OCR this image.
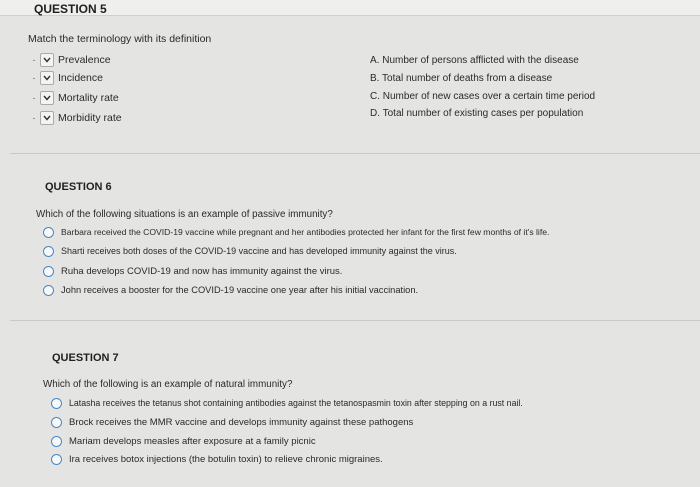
QUESTION 5
Match the terminology with its definition
- Prevalence
- Incidence
- Mortality rate
- Morbidity rate
A. Number of persons afflicted with the disease
B. Total number of deaths from a disease
C. Number of new cases over a certain time period
D. Total number of existing cases per population
QUESTION 6
Which of the following situations is an example of passive immunity?
Barbara received the COVID-19 vaccine while pregnant and her antibodies protected her infant for the first few months of it's life.
Sharti receives both doses of the COVID-19 vaccine and has developed immunity against the virus.
Ruha develops COVID-19 and now has immunity against the virus.
John receives a booster for the COVID-19 vaccine one year after his initial vaccination.
QUESTION 7
Which of the following is an example of natural immunity?
Latasha receives the tetanus shot containing antibodies against the tetanospasmin toxin after stepping on a rust nail.
Brock receives the MMR vaccine and develops immunity against these pathogens
Mariam develops measles after exposure at a family picnic
Ira receives botox injections (the botulin toxin) to relieve chronic migraines.
